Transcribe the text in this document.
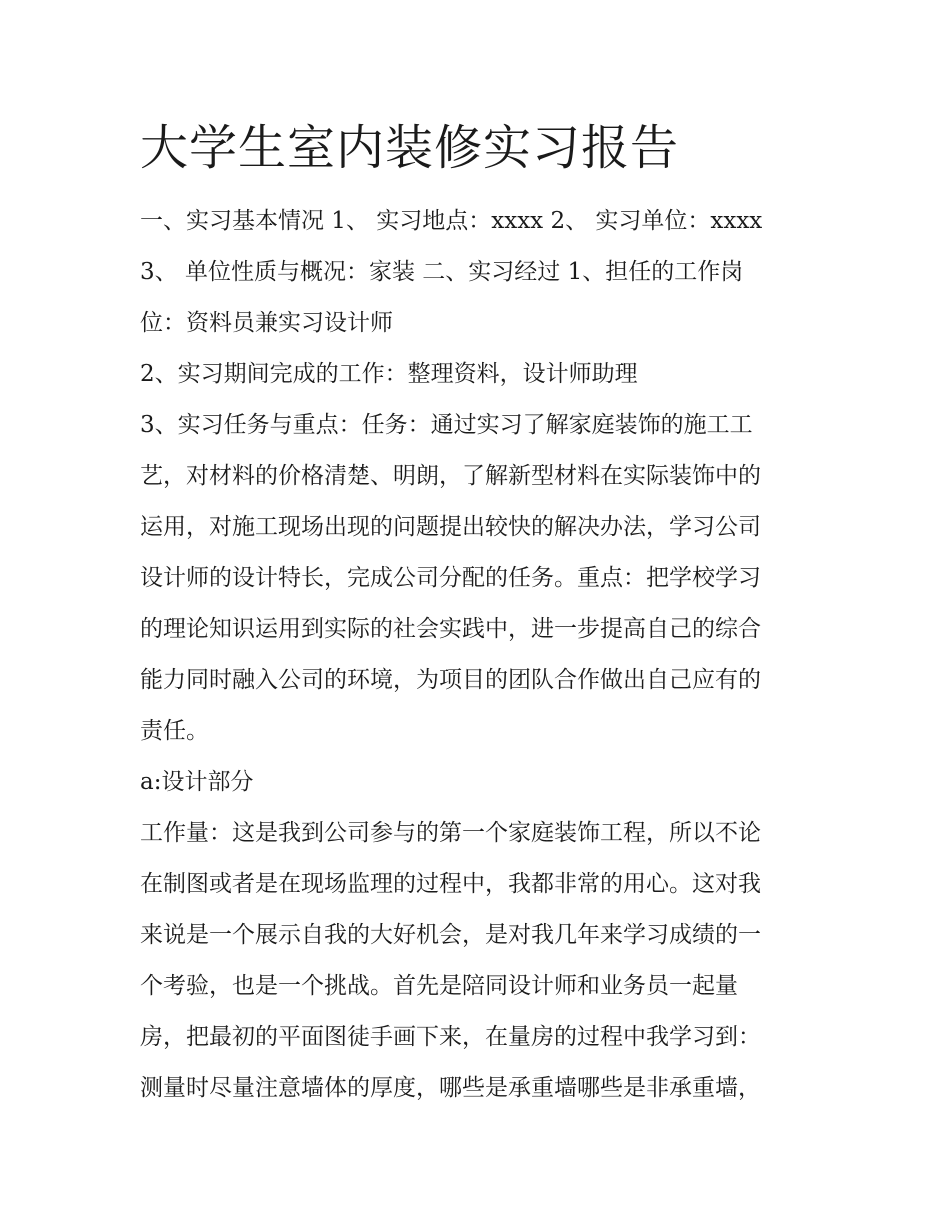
大学生室内装修实习报告

一、实习基本情况 1、 实习地点：xxxx 2、 实习单位：xxxx
3、 单位性质与概况：家装 二、实习经过 1、担任的工作岗
位：资料员兼实习设计师

2、实习期间完成的工作：整理资料，设计师助理

3、实习任务与重点：任务：通过实习了解家庭装饰的施工工
艺，对材料的价格清楚、明朗，了解新型材料在实际装饰中的
运用，对施工现场出现的问题提出较快的解决办法，学习公司
设计师的设计特长，完成公司分配的任务。重点：把学校学习
的理论知识运用到实际的社会实践中，进一步提高自己的综合
能力同时融入公司的环境，为项目的团队合作做出自己应有的
责任。

a:设计部分

工作量：这是我到公司参与的第一个家庭装饰工程，所以不论
在制图或者是在现场监理的过程中，我都非常的用心。这对我
来说是一个展示自我的大好机会，是对我几年来学习成绩的一
个考验，也是一个挑战。首先是陪同设计师和业务员一起量
房，把最初的平面图徒手画下来，在量房的过程中我学习到：
测量时尽量注意墙体的厚度，哪些是承重墙哪些是非承重墙，
